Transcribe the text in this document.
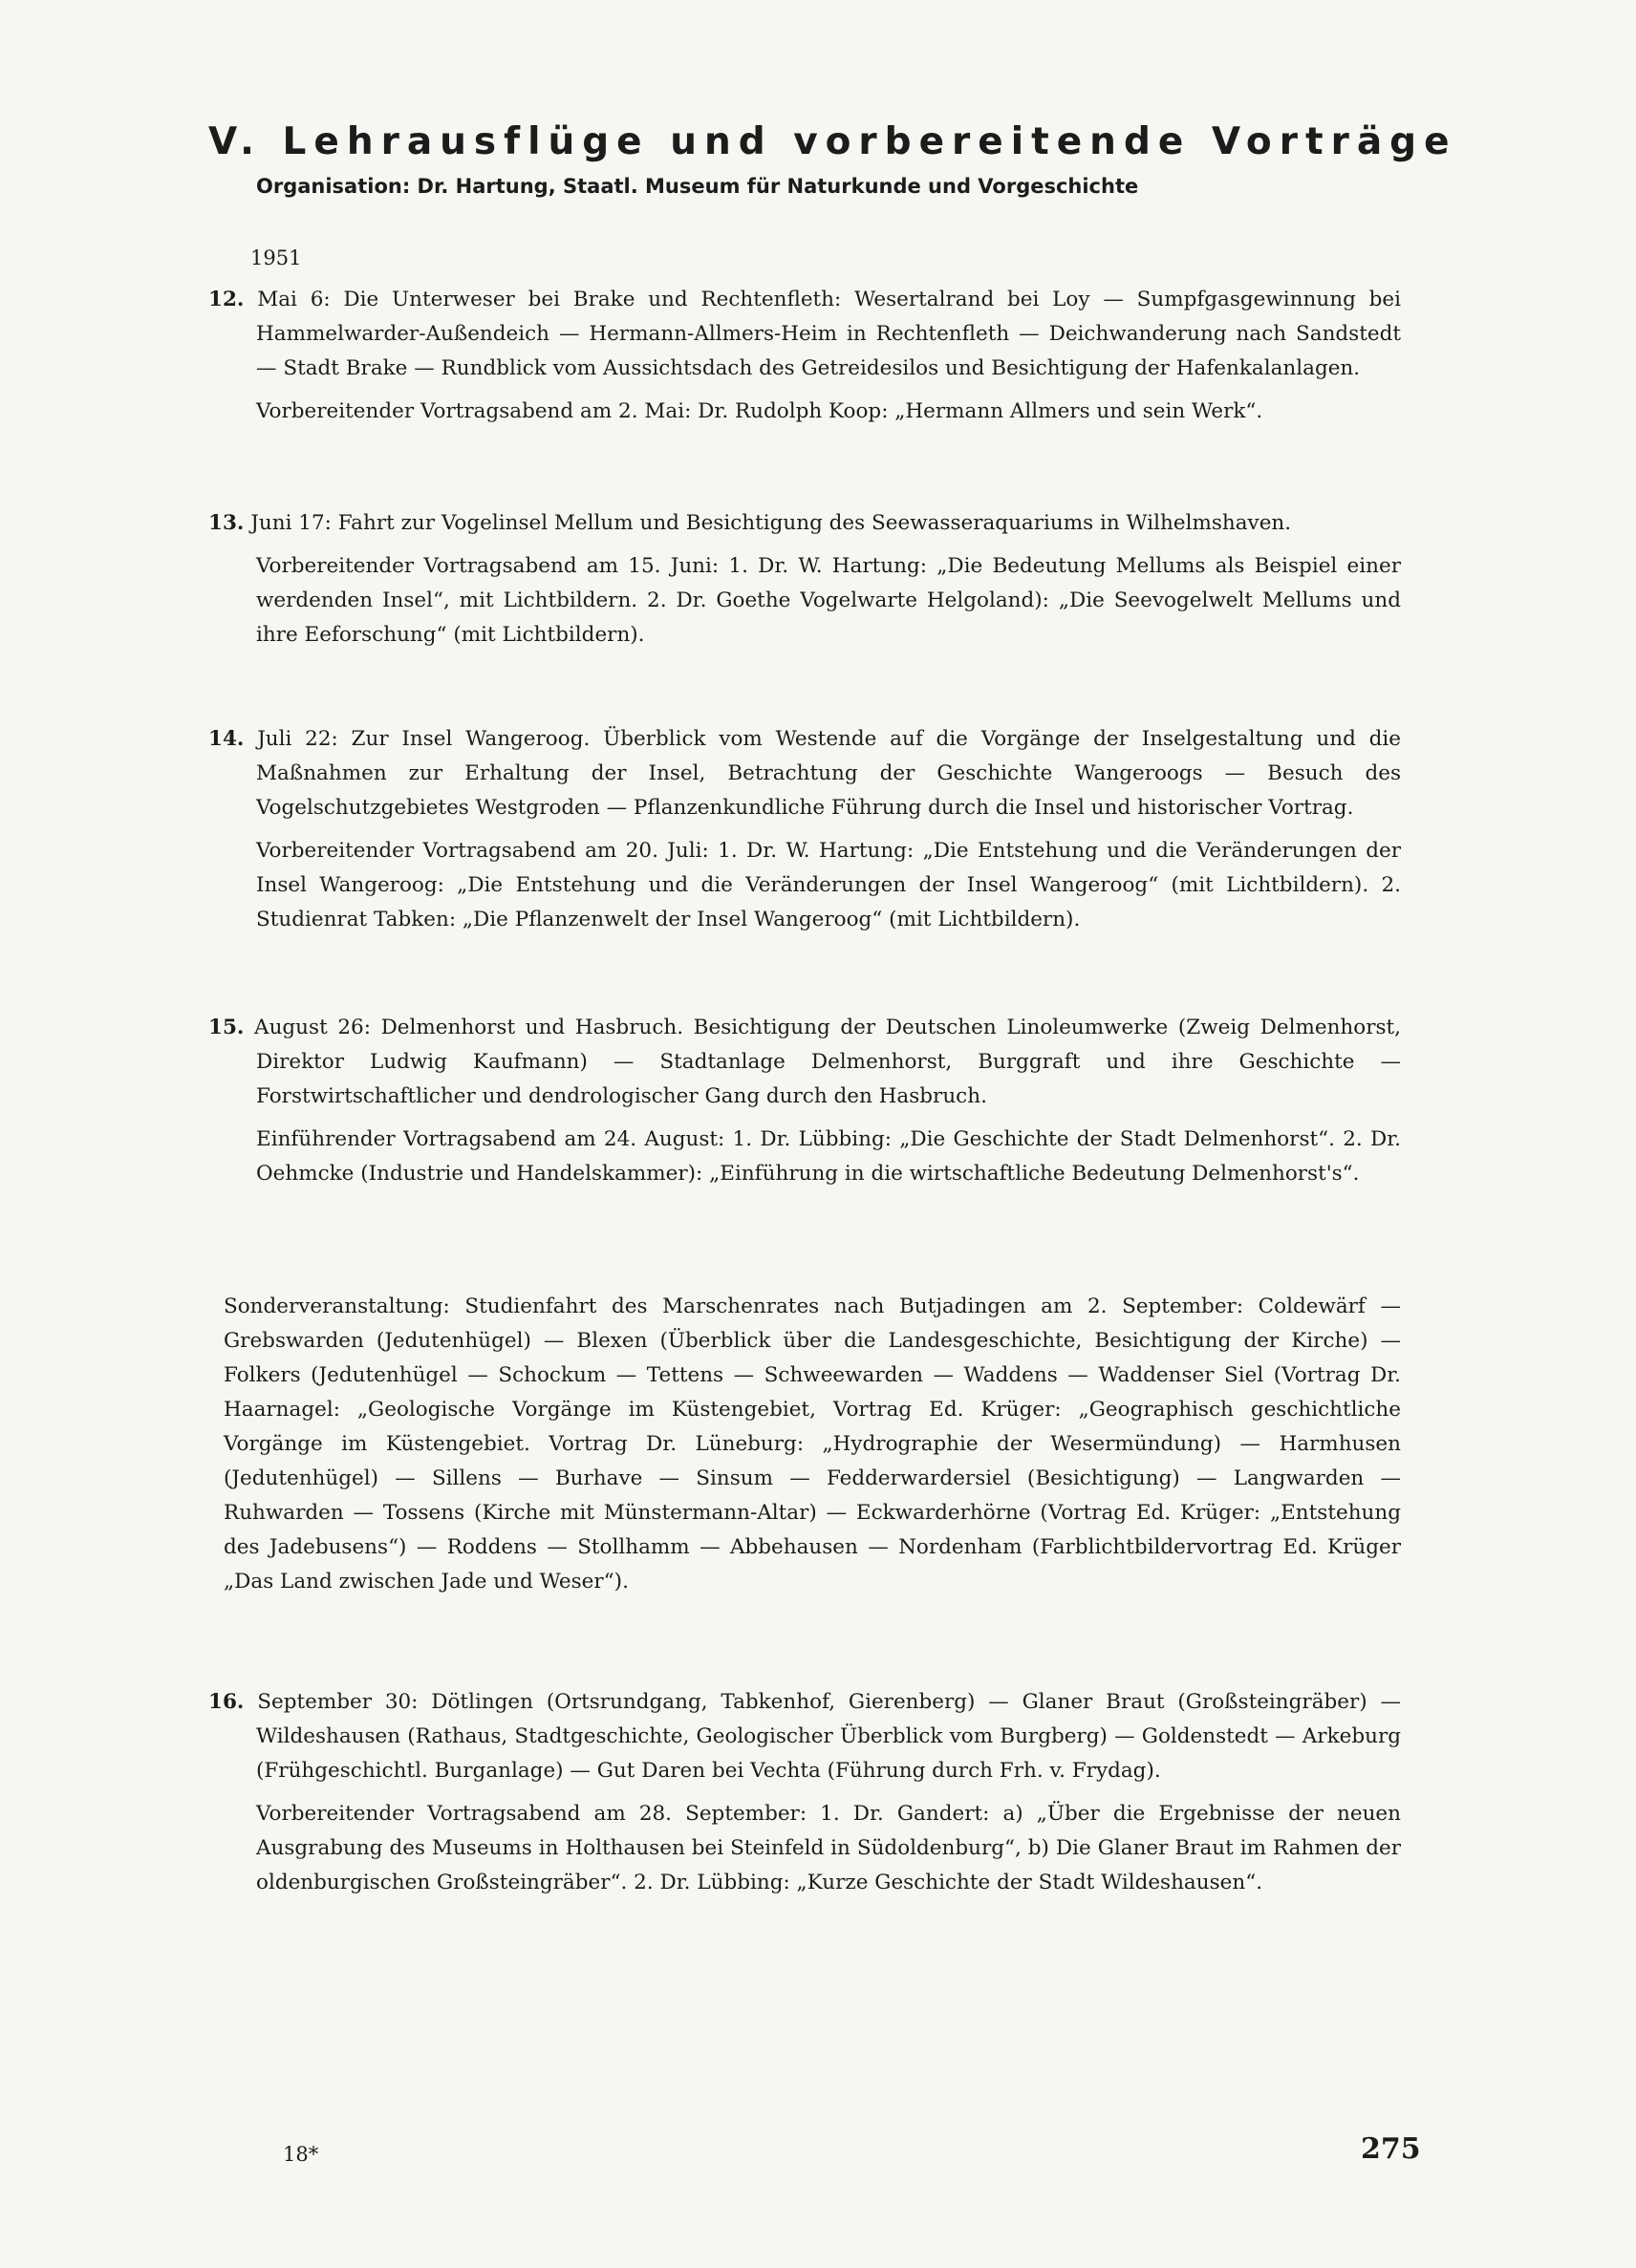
V. Lehrausflüge und vorbereitende Vorträge

Organisation: Dr. Hartung, Staatl. Museum für Naturkunde und Vorgeschichte

1951

12. Mai 6: Die Unterweser bei Brake und Rechtenfleth: Wesertalrand bei Loy — Sumpfgasgewinnung bei Hammelwarder-Außendeich — Hermann-Allmers-Heim in Rechtenfleth — Deichwanderung nach Sandstedt — Stadt Brake — Rundblick vom Aussichtsdach des Getreidesilos und Besichtigung der Hafenkalanlagen.

Vorbereitender Vortragsabend am 2. Mai: Dr. Rudolph Koop: „Hermann Allmers und sein Werk“.

13. Juni 17: Fahrt zur Vogelinsel Mellum und Besichtigung des Seewasseraquariums in Wilhelmshaven.

Vorbereitender Vortragsabend am 15. Juni: 1. Dr. W. Hartung: „Die Bedeutung Mellums als Beispiel einer werdenden Insel“, mit Lichtbildern. 2. Dr. Goethe Vogelwarte Helgoland): „Die Seevogelwelt Mellums und ihre Eeforschung“ (mit Lichtbildern).

14. Juli 22: Zur Insel Wangeroog. Überblick vom Westende auf die Vorgänge der Inselgestaltung und die Maßnahmen zur Erhaltung der Insel, Betrachtung der Geschichte Wangeroogs — Besuch des Vogelschutzgebietes Westgroden — Pflanzenkundliche Führung durch die Insel und historischer Vortrag.

Vorbereitender Vortragsabend am 20. Juli: 1. Dr. W. Hartung: „Die Entstehung und die Veränderungen der Insel Wangeroog: „Die Entstehung und die Veränderungen der Insel Wangeroog“ (mit Lichtbildern). 2. Studienrat Tabken: „Die Pflanzenwelt der Insel Wangeroog“ (mit Lichtbildern).

15. August 26: Delmenhorst und Hasbruch. Besichtigung der Deutschen Linoleumwerke (Zweig Delmenhorst, Direktor Ludwig Kaufmann) — Stadtanlage Delmenhorst, Burggraft und ihre Geschichte — Forstwirtschaftlicher und dendrologischer Gang durch den Hasbruch.

Einführender Vortragsabend am 24. August: 1. Dr. Lübbing: „Die Geschichte der Stadt Delmenhorst“. 2. Dr. Oehmcke (Industrie und Handelskammer): „Einführung in die wirtschaftliche Bedeutung Delmenhorst's“.

Sonderveranstaltung: Studienfahrt des Marschenrates nach Butjadingen am 2. September: Coldewärf — Grebswarden (Jedutenhügel) — Blexen (Überblick über die Landesgeschichte, Besichtigung der Kirche) — Folkers (Jedutenhügel — Schockum — Tettens — Schweewarden — Waddens — Waddenser Siel (Vortrag Dr. Haarnagel: „Geologische Vorgänge im Küstengebiet, Vortrag Ed. Krüger: „Geographisch geschichtliche Vorgänge im Küstengebiet. Vortrag Dr. Lüneburg: „Hydrographie der Wesermündung) — Harmhusen (Jedutenhügel) — Sillens — Burhave — Sinsum — Fedderwardersiel (Besichtigung) — Langwarden — Ruhwarden — Tossens (Kirche mit Münstermann-Altar) — Eckwarderhörne (Vortrag Ed. Krüger: „Entstehung des Jadebusens“) — Roddens — Stollhamm — Abbehausen — Nordenham (Farblichtbildervortrag Ed. Krüger „Das Land zwischen Jade und Weser“).

16. September 30: Dötlingen (Ortsrundgang, Tabkenhof, Gierenberg) — Glaner Braut (Großsteingräber) — Wildeshausen (Rathaus, Stadtgeschichte, Geologischer Überblick vom Burgberg) — Goldenstedt — Arkeburg (Frühgeschichtl. Burganlage) — Gut Daren bei Vechta (Führung durch Frh. v. Frydag).

Vorbereitender Vortragsabend am 28. September: 1. Dr. Gandert: a) „Über die Ergebnisse der neuen Ausgrabung des Museums in Holthausen bei Steinfeld in Südoldenburg“, b) Die Glaner Braut im Rahmen der oldenburgischen Großsteingräber“. 2. Dr. Lübbing: „Kurze Geschichte der Stadt Wildeshausen“.

18*	275
